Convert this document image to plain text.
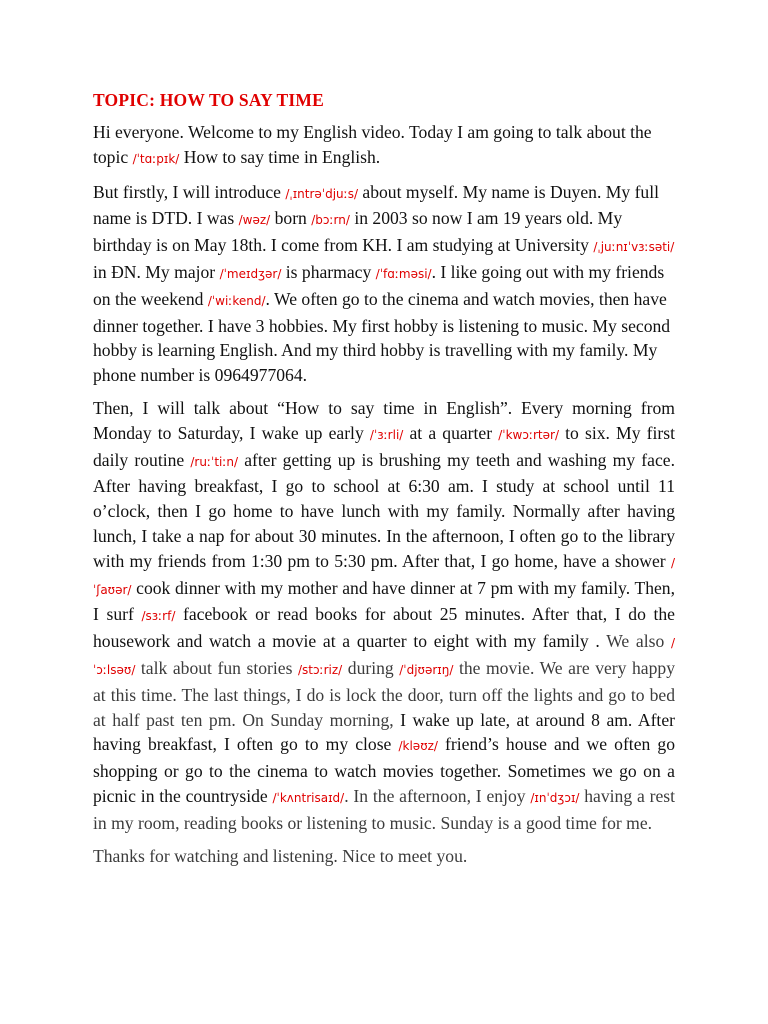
TOPIC: HOW TO SAY TIME

Hi everyone. Welcome to my English video. Today I am going to talk about the topic /ˈtɑːpɪk/ How to say time in English.

But firstly, I will introduce /ˌɪntrəˈdjuːs/ about myself. My name is Duyen. My full name is DTD. I was /wəz/ born /bɔːrn/ in 2003 so now I am 19 years old. My birthday is on May 18th. I come from KH. I am studying at University /ˌjuːnɪˈvɜːsəti/ in ĐN. My major /ˈmeɪdʒər/ is pharmacy /ˈfɑːməsi/. I like going out with my friends on the weekend /ˈwiːkend/. We often go to the cinema and watch movies, then have dinner together. I have 3 hobbies. My first hobby is listening to music. My second hobby is learning English. And my third hobby is travelling with my family. My phone number is 0964977064.

Then, I will talk about “How to say time in English”. Every morning from Monday to Saturday, I wake up early /ˈɜːrli/ at a quarter /ˈkwɔːrtər/ to six. My first daily routine /ruːˈtiːn/ after getting up is brushing my teeth and washing my face. After having breakfast, I go to school at 6:30 am. I study at school until 11 o’clock, then I go home to have lunch with my family. Normally after having lunch, I take a nap for about 30 minutes. In the afternoon, I often go to the library with my friends from 1:30 pm to 5:30 pm. After that, I go home, have a shower /ˈʃaʊər/ cook dinner with my mother and have dinner at 7 pm with my family. Then, I surf /sɜːrf/ facebook or read books for about 25 minutes. After that, I do the housework and watch a movie at a quarter to eight with my family . We also /ˈɔːlsəʊ/ talk about fun stories /stɔːriz/ during /ˈdjʊərɪŋ/ the movie. We are very happy at this time. The last things, I do is lock the door, turn off the lights and go to bed at half past ten pm. On Sunday morning, I wake up late, at around 8 am. After having breakfast, I often go to my close /kləʊz/ friend’s house and we often go shopping or go to the cinema to watch movies together. Sometimes we go on a picnic in the countryside /ˈkʌntrisaɪd/. In the afternoon, I enjoy /ɪnˈdʒɔɪ/ having a rest in my room, reading books or listening to music. Sunday is a good time for me.

Thanks for watching and listening. Nice to meet you.
